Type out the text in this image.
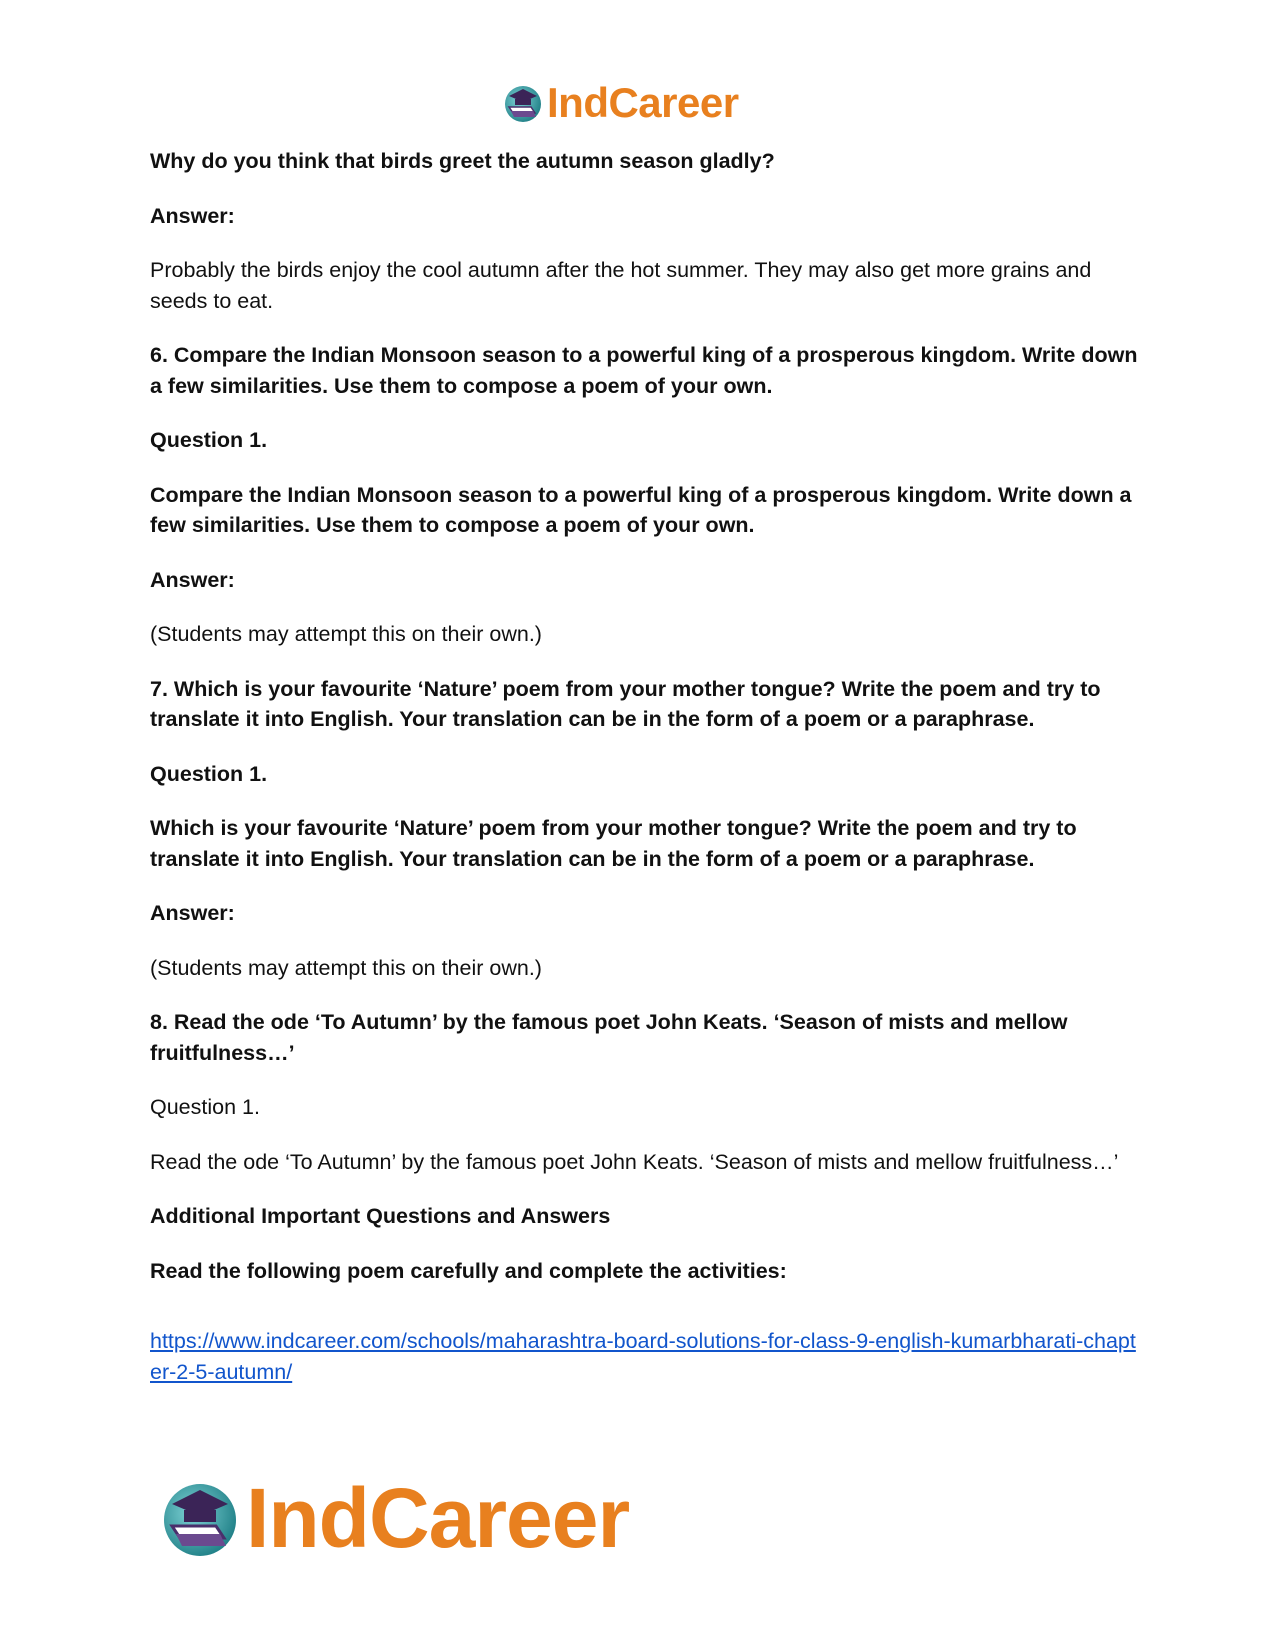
IndCareer

Why do you think that birds greet the autumn season gladly?

Answer:

Probably the birds enjoy the cool autumn after the hot summer. They may also get more grains and seeds to eat.

6. Compare the Indian Monsoon season to a powerful king of a prosperous kingdom. Write down a few similarities. Use them to compose a poem of your own.

Question 1.

Compare the Indian Monsoon season to a powerful king of a prosperous kingdom. Write down a few similarities. Use them to compose a poem of your own.

Answer:

(Students may attempt this on their own.)

7. Which is your favourite ‘Nature’ poem from your mother tongue? Write the poem and try to translate it into English. Your translation can be in the form of a poem or a paraphrase.

Question 1.

Which is your favourite ‘Nature’ poem from your mother tongue? Write the poem and try to translate it into English. Your translation can be in the form of a poem or a paraphrase.

Answer:

(Students may attempt this on their own.)

8. Read the ode ‘To Autumn’ by the famous poet John Keats. ‘Season of mists and mellow fruitfulness…’

Question 1.

Read the ode ‘To Autumn’ by the famous poet John Keats. ‘Season of mists and mellow fruitfulness…’

Additional Important Questions and Answers

Read the following poem carefully and complete the activities:

https://www.indcareer.com/schools/maharashtra-board-solutions-for-class-9-english-kumarbharati-chapter-2-5-autumn/
IndCareer
